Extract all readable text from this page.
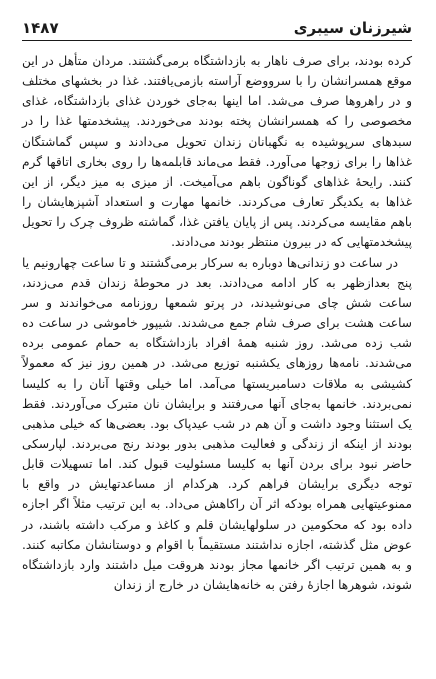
شیرزنان سیبری
۱۴۸۷

کرده بودند، برای صرف ناهار به بازداشتگاه برمی‌گشتند. مردان متأهل در این موقع همسرانشان را با سرووضع آراسته بازمی‌یافتند. غذا در بخشهای مختلف و در راهروها صرف می‌شد. اما اینها به‌جای خوردن غذای بازداشتگاه، غذای مخصوصی را که همسرانشان پخته بودند می‌خوردند. پیشخدمتها غذا را در سبدهای سرپوشیده به نگهبانان زندان تحویل می‌دادند و سپس گماشتگان غذاها را برای زوجها می‌آورد. فقط می‌ماند قابلمه‌ها را روی بخاری اتاقها گرم کنند. رایحهٔ غذاهای گوناگون باهم می‌آمیخت. از میزی به میز دیگر، از این غذاها به یکدیگر تعارف می‌کردند. خانمها مهارت و استعداد آشپزهایشان را باهم مقایسه می‌کردند. پس از پایان یافتن غذا، گماشته ظروف چرک را تحویل پیشخدمتهایی که در بیرون منتظر بودند می‌دادند.

در ساعت دو زندانی‌ها دوباره به سرکار برمی‌گشتند و تا ساعت چهارونیم یا پنج بعدازظهر به کار ادامه می‌دادند. بعد در محوطهٔ زندان قدم می‌زدند، ساعت شش چای می‌نوشیدند، در پرتو شمعها روزنامه می‌خواندند و سر ساعت هشت برای صرف شام جمع می‌شدند. شیپور خاموشی در ساعت ده شب زده می‌شد. روز شنبه همهٔ افراد بازداشتگاه به حمام عمومی برده می‌شدند. نامه‌ها روزهای یکشنبه توزیع می‌شد. در همین روز نیز که معمولاً کشیشی به ملاقات دسامبریستها می‌آمد. اما خیلی وقتها آنان را به کلیسا نمی‌بردند. خانمها به‌جای آنها می‌رفتند و برایشان نان متبرک می‌آوردند. فقط یک استثنا وجود داشت و آن هم در شب عیدپاک بود. بعضی‌ها که خیلی مذهبی بودند از اینکه از زندگی و فعالیت مذهبی بدور بودند رنج می‌بردند. لپارسکی حاضر نبود برای بردن آنها به کلیسا مسئولیت قبول کند. اما تسهیلات قابل توجه دیگری برایشان فراهم کرد. هرکدام از مساعدتهایش در واقع با ممنوعیتهایی همراه بودکه اثر آن‌ راکاهش می‌داد. به این ترتیب مثلاً اگر اجازه داده بود که محکومین در سلولهایشان قلم و کاغذ و مرکب داشته باشند، در عوض مثل گذشته، اجازه نداشتند مستقیماً با اقوام و دوستانشان مکاتبه کنند. و به همین ترتیب اگر خانمها مجاز بودند هروقت میل داشتند وارد بازداشتگاه شوند، شوهرها اجازهٔ رفتن به خانه‌هایشان در خارج از زندان
